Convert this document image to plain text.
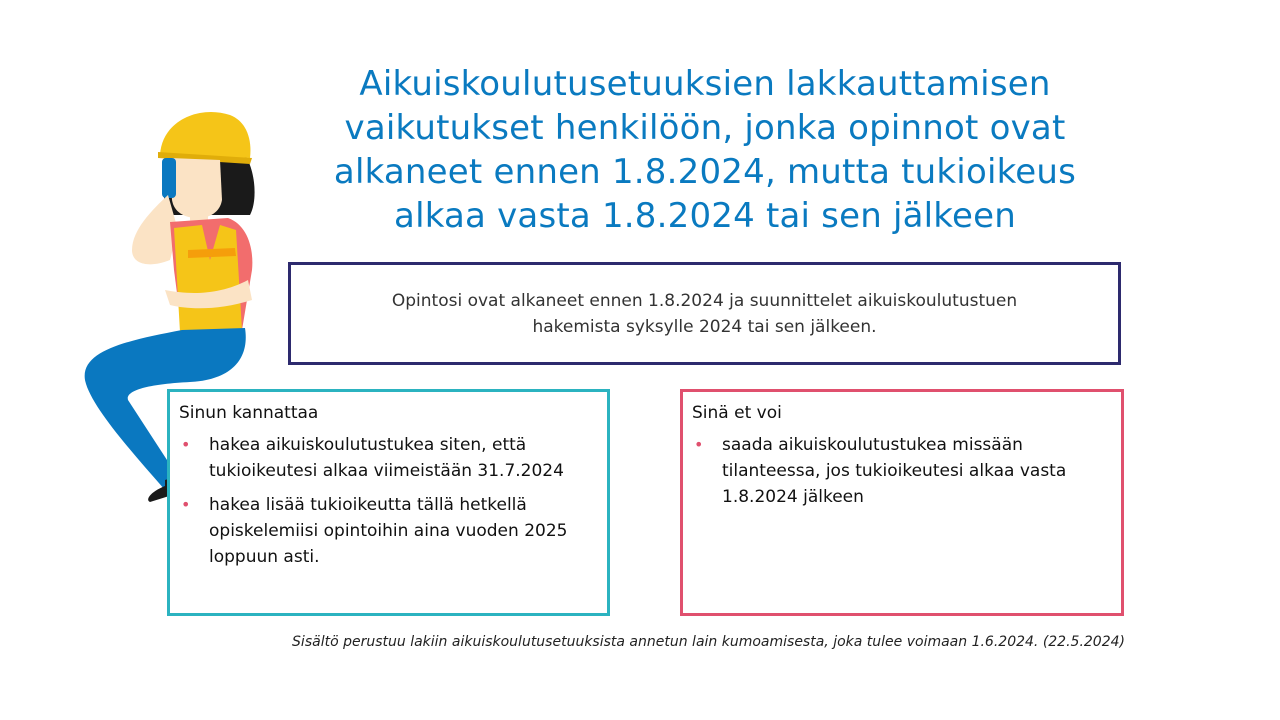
Aikuiskoulutusetuuksien lakkauttamisen
vaikutukset henkilöön, jonka opinnot ovat
alkaneet ennen 1.8.2024, mutta tukioikeus
alkaa vasta 1.8.2024 tai sen jälkeen
Opintosi ovat alkaneet ennen 1.8.2024 ja suunnittelet aikuiskoulutustuen
hakemista syksylle 2024 tai sen jälkeen.
Sinun kannattaa
• hakea aikuiskoulutustukea siten, että tukioikeutesi alkaa viimeistään 31.7.2024
• hakea lisää tukioikeutta tällä hetkellä opiskelemiisi opintoihin aina vuoden 2025 loppuun asti.
Sinä et voi
• saada aikuiskoulutustukea missään tilanteessa, jos tukioikeutesi alkaa vasta 1.8.2024 jälkeen
Sisältö perustuu lakiin aikuiskoulutusetuuksista annetun lain kumoamisesta, joka tulee voimaan 1.6.2024. (22.5.2024)
